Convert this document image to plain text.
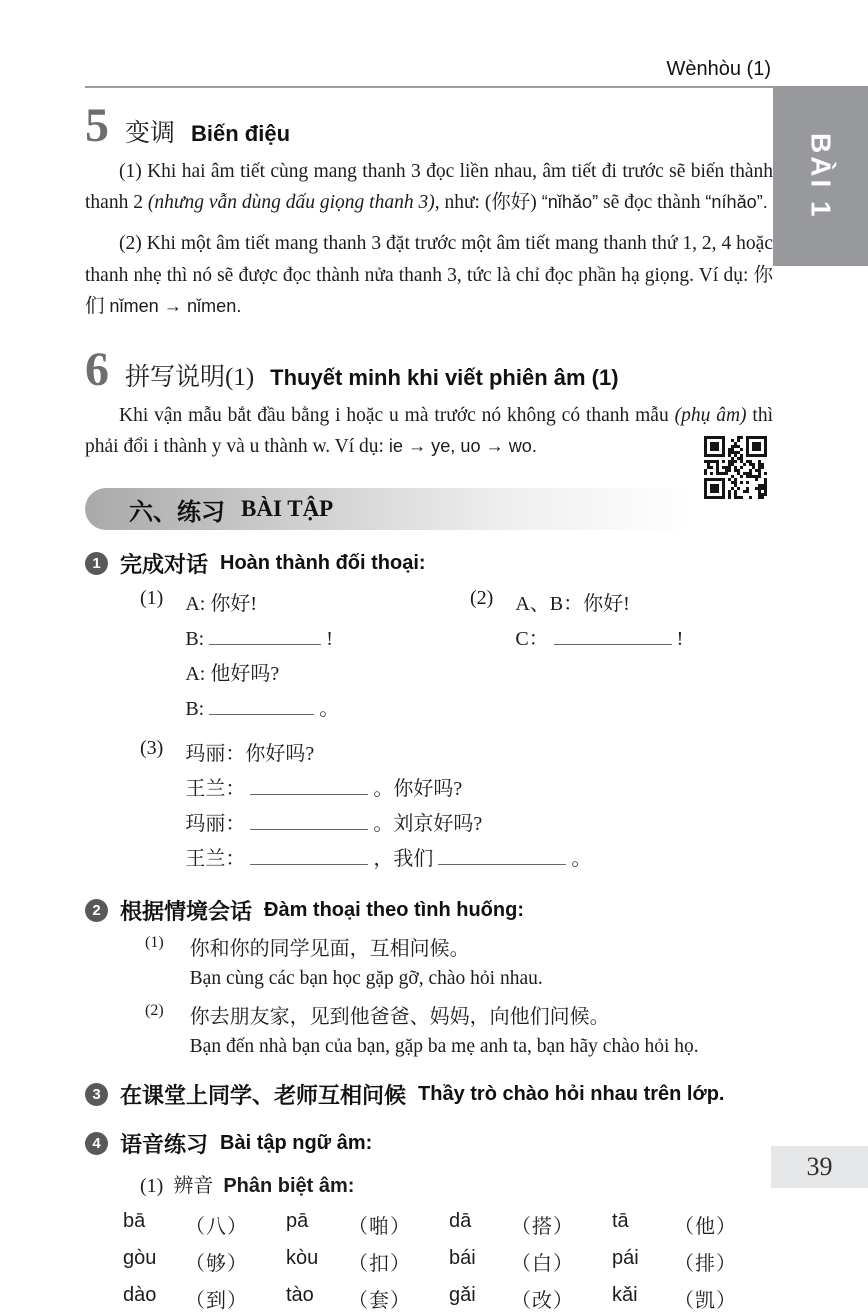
BÀI 1
Wènhòu (1)
5 变调 Biến điệu

(1) Khi hai âm tiết cùng mang thanh 3 đọc liền nhau, âm tiết đi trước sẽ biến thành thanh 2 (nhưng vẫn dùng dấu giọng thanh 3), như: (你好) “nǐhǎo” sẽ đọc thành “níhǎo”.

(2) Khi một âm tiết mang thanh 3 đặt trước một âm tiết mang thanh thứ 1, 2, 4 hoặc thanh nhẹ thì nó sẽ được đọc thành nửa thanh 3, tức là chỉ đọc phần hạ giọng. Ví dụ: 你们 nǐmen → nǐmen.

6 拼写说明(1) Thuyết minh khi viết phiên âm (1)

Khi vận mẫu bắt đầu bằng i hoặc u mà trước nó không có thanh mẫu (phụ âm) thì phải đổi i thành y và u thành w. Ví dụ: ie → ye, uo → wo.

六、练习 BÀI TẬP
1 完成对话 Hoàn thành đối thoại:
(1) A: 你好!
B:	!
A: 他好吗?
B:	。
(2) A、B：你好!
C：	!
(3) 玛丽：你好吗?
王兰：	。你好吗?
玛丽：	。刘京好吗?
王兰：	，我们	。
2 根据情境会话 Đàm thoại theo tình huống:
(1) 你和你的同学见面，互相问候。
Bạn cùng các bạn học gặp gỡ, chào hỏi nhau.
(2) 你去朋友家，见到他爸爸、妈妈，向他们问候。
Bạn đến nhà bạn của bạn, gặp ba mẹ anh ta, bạn hãy chào hỏi họ.
3 在课堂上同学、老师互相问候 Thầy trò chào hỏi nhau trên lớp.
4 语音练习 Bài tập ngữ âm:
(1) 辨音 Phân biệt âm:
bā	（八） pā	（啪） dā	（搭） tā	（他）
gòu	（够） kòu	（扣） bái	（白） pái	（排）
dào	（到） tào	（套） gǎi	（改） kǎi	（凯）
39
